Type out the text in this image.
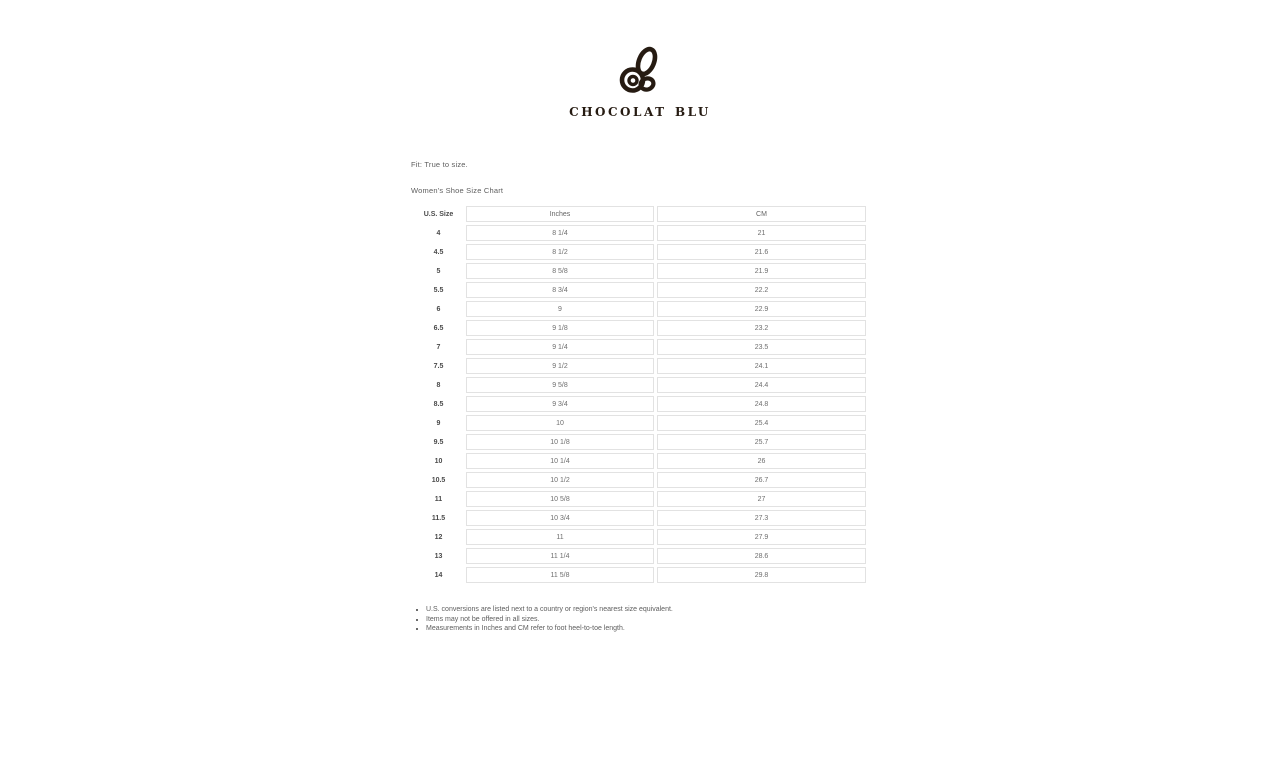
chocolat blu
Fit: True to size.
Women's Shoe Size Chart
U.S. Size	Inches	CM
4	8 1/4	21
4.5	8 1/2	21.6
5	8 5/8	21.9
5.5	8 3/4	22.2
6	9	22.9
6.5	9 1/8	23.2
7	9 1/4	23.5
7.5	9 1/2	24.1
8	9 5/8	24.4
8.5	9 3/4	24.8
9	10	25.4
9.5	10 1/8	25.7
10	10 1/4	26
10.5	10 1/2	26.7
11	10 5/8	27
11.5	10 3/4	27.3
12	11	27.9
13	11 1/4	28.6
14	11 5/8	29.8
• U.S. conversions are listed next to a country or region's nearest size equivalent.
• Items may not be offered in all sizes.
• Measurements in Inches and CM refer to foot heel-to-toe length.
